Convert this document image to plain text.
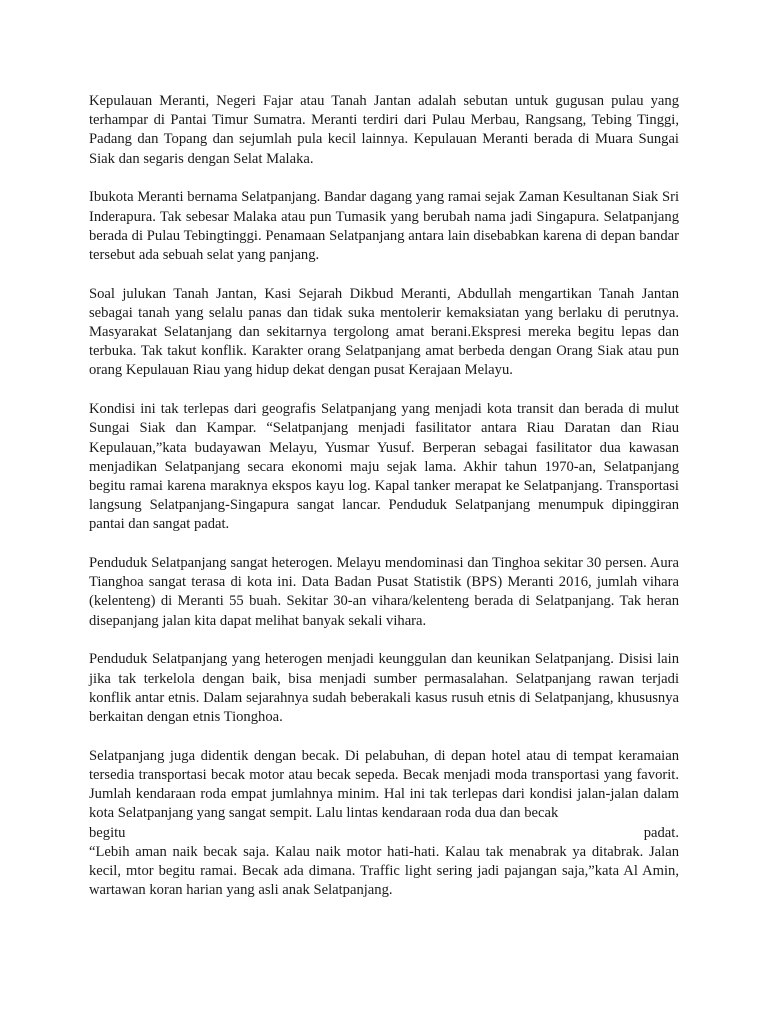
Kepulauan Meranti, Negeri Fajar atau Tanah Jantan adalah sebutan untuk gugusan pulau yang terhampar di Pantai Timur Sumatra. Meranti terdiri dari Pulau Merbau, Rangsang, Tebing Tinggi, Padang dan Topang dan sejumlah pula kecil lainnya. Kepulauan Meranti berada di Muara Sungai Siak dan segaris dengan Selat Malaka.

Ibukota Meranti bernama Selatpanjang. Bandar dagang yang ramai sejak Zaman Kesultanan Siak Sri Inderapura. Tak sebesar Malaka atau pun Tumasik yang berubah nama jadi Singapura. Selatpanjang berada di Pulau Tebingtinggi. Penamaan Selatpanjang antara lain disebabkan karena di depan bandar tersebut ada sebuah selat yang panjang.

Soal julukan Tanah Jantan, Kasi Sejarah Dikbud Meranti, Abdullah mengartikan Tanah Jantan sebagai tanah yang selalu panas dan tidak suka mentolerir kemaksiatan yang berlaku di perutnya. Masyarakat Selatanjang dan sekitarnya tergolong amat berani.Ekspresi mereka begitu lepas dan terbuka. Tak takut konflik. Karakter orang Selatpanjang amat berbeda dengan Orang Siak atau pun orang Kepulauan Riau yang hidup dekat dengan pusat Kerajaan Melayu.

Kondisi ini tak terlepas dari geografis Selatpanjang yang menjadi kota transit dan berada di mulut Sungai Siak dan Kampar. “Selatpanjang menjadi fasilitator antara Riau Daratan dan Riau Kepulauan,”kata budayawan Melayu, Yusmar Yusuf. Berperan sebagai fasilitator dua kawasan menjadikan Selatpanjang secara ekonomi maju sejak lama. Akhir tahun 1970-an, Selatpanjang begitu ramai karena maraknya ekspos kayu log. Kapal tanker merapat ke Selatpanjang. Transportasi langsung Selatpanjang-Singapura sangat lancar. Penduduk Selatpanjang menumpuk dipinggiran pantai dan sangat padat.

Penduduk Selatpanjang sangat heterogen. Melayu mendominasi dan Tinghoa sekitar 30 persen. Aura Tianghoa sangat terasa di kota ini. Data Badan Pusat Statistik (BPS) Meranti 2016, jumlah vihara (kelenteng) di Meranti 55 buah. Sekitar 30-an vihara/kelenteng berada di Selatpanjang. Tak heran disepanjang jalan kita dapat melihat banyak sekali vihara.

Penduduk Selatpanjang yang heterogen menjadi keunggulan dan keunikan Selatpanjang. Disisi lain jika tak terkelola dengan baik, bisa menjadi sumber permasalahan. Selatpanjang rawan terjadi konflik antar etnis. Dalam sejarahnya sudah beberakali kasus rusuh etnis di Selatpanjang, khususnya berkaitan dengan etnis Tionghoa.

Selatpanjang juga didentik dengan becak. Di pelabuhan, di depan hotel atau di tempat keramaian tersedia transportasi becak motor atau becak sepeda. Becak menjadi moda transportasi yang favorit. Jumlah kendaraan roda empat jumlahnya minim. Hal ini tak terlepas dari kondisi jalan-jalan dalam kota Selatpanjang yang sangat sempit. Lalu lintas kendaraan roda dua dan becak
begitu	padat.
“Lebih aman naik becak saja. Kalau naik motor hati-hati. Kalau tak menabrak ya ditabrak. Jalan kecil, mtor begitu ramai. Becak ada dimana. Traffic light sering jadi pajangan saja,”kata Al Amin, wartawan koran harian yang asli anak Selatpanjang.
